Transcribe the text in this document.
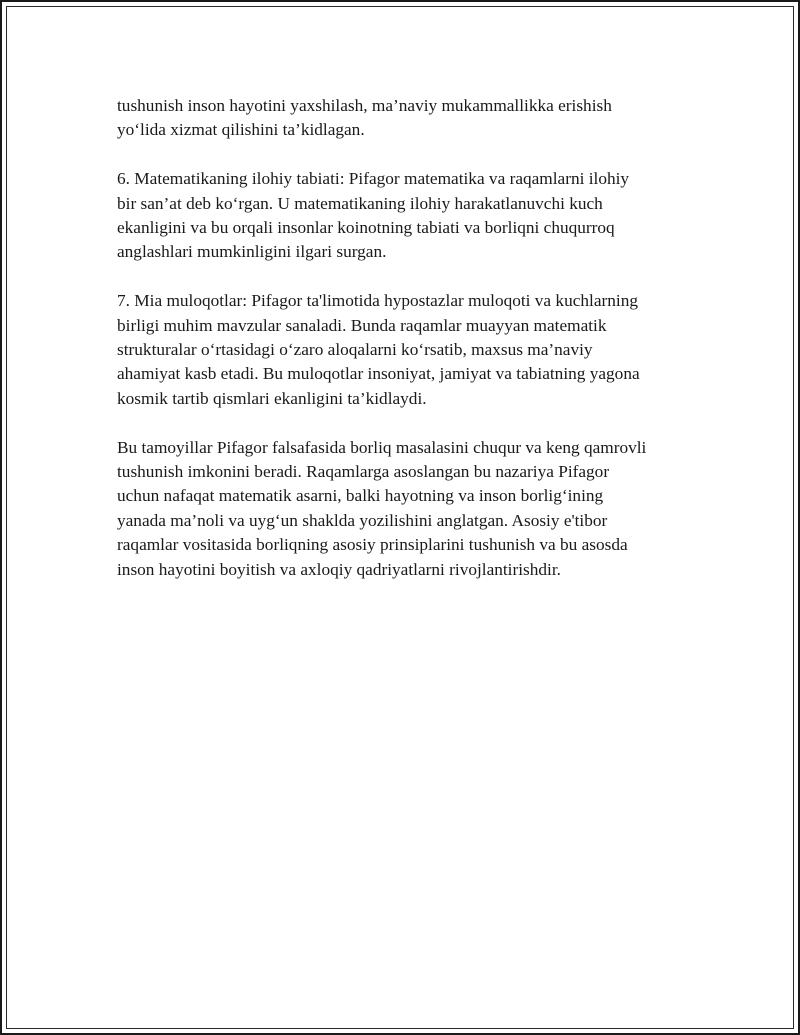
tushunish inson hayotini yaxshilash, ma’naviy mukammallikka erishish
yo‘lida xizmat qilishini ta’kidlagan.

6. Matematikaning ilohiy tabiati: Pifagor matematika va raqamlarni ilohiy
bir san’at deb ko‘rgan. U matematikaning ilohiy harakatlanuvchi kuch
ekanligini va bu orqali insonlar koinotning tabiati va borliqni chuqurroq
anglashlari mumkinligini ilgari surgan.

7. Mia muloqotlar: Pifagor ta'limotida hypostazlar muloqoti va kuchlarning
birligi muhim mavzular sanaladi. Bunda raqamlar muayyan matematik
strukturalar o‘rtasidagi o‘zaro aloqalarni ko‘rsatib, maxsus ma’naviy
ahamiyat kasb etadi. Bu muloqotlar insoniyat, jamiyat va tabiatning yagona
kosmik tartib qismlari ekanligini ta’kidlaydi.

Bu tamoyillar Pifagor falsafasida borliq masalasini chuqur va keng qamrovli
tushunish imkonini beradi. Raqamlarga asoslangan bu nazariya Pifagor
uchun nafaqat matematik asarni, balki hayotning va inson borlig‘ining
yanada ma’noli va uyg‘un shaklda yozilishini anglatgan. Asosiy e'tibor
raqamlar vositasida borliqning asosiy prinsiplarini tushunish va bu asosda
inson hayotini boyitish va axloqiy qadriyatlarni rivojlantirishdir.
